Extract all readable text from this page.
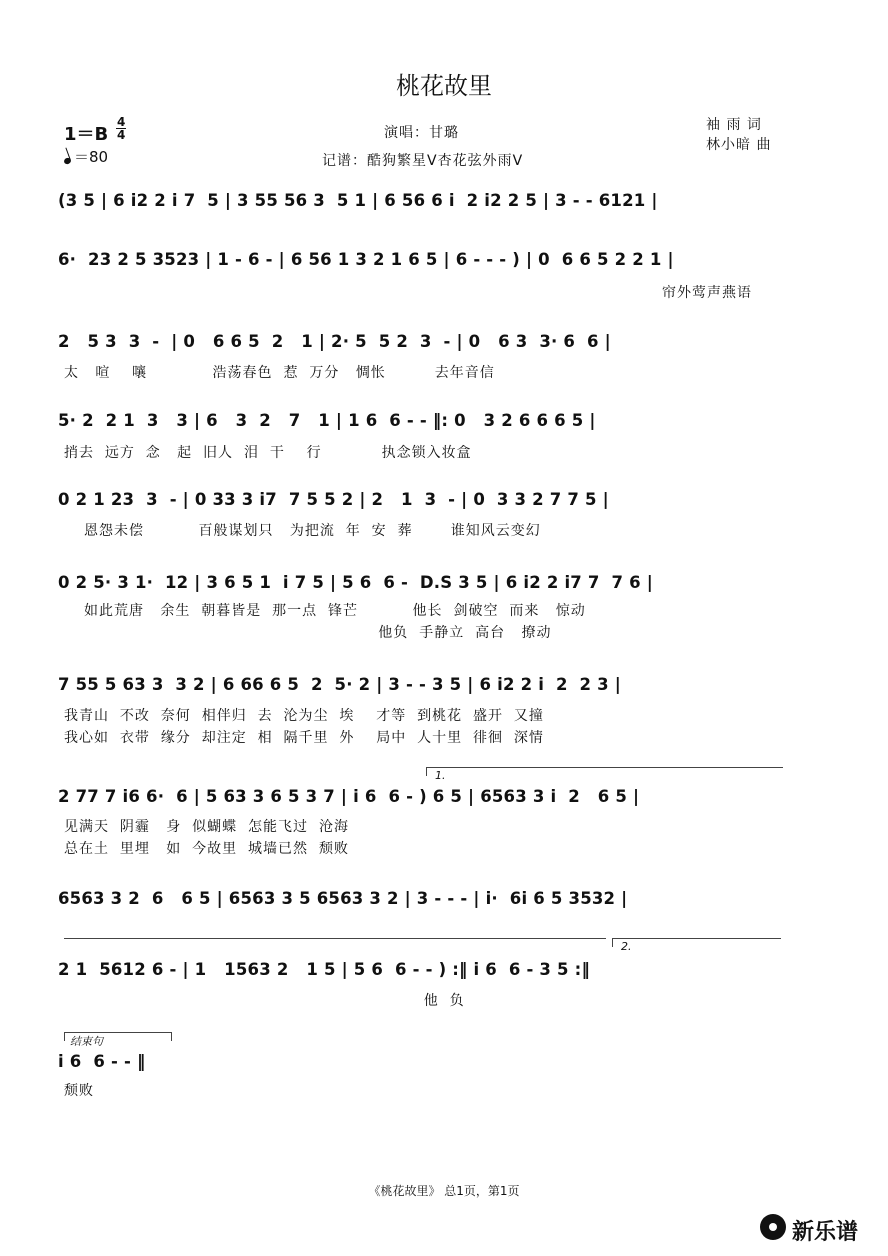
桃花故里
演唱：甘璐
记谱：酷狗繁星V杏花弦外雨V
袖 雨 词
林小暗 曲
1＝B
4
4
＝80
(3 5 | 6 i2 2 i 7  5 | 3 55 56 3  5 1 | 6 56 6 i  2 i2 2 5 | 3 - - 6121 |
6·  23 2 5 3523 | 1 - 6 - | 6 56 1 3 2 1 6 5 | 6 - - - ) | 0  6 6 5 2 2 1 |
帘外莺声燕语
2   5 3  3  -  | 0   6 6 5  2   1 | 2· 5  5 2  3  - | 0   6 3  3· 6  6 |
太   喧    嚷            浩荡春色  惹  万分   惆怅         去年音信
5· 2  2 1  3   3 | 6   3  2   7   1 | 1 6  6 - - ‖: 0   3 2 6 6 6 5 |
捎去  远方  念   起  旧人  泪  干    行           执念锁入妆盒
0 2 1 23  3  - | 0 33 3 i7  7 5 5 2 | 2   1  3  - | 0  3 3 2 7 7 5 |
恩怨未偿          百般谋划只   为把流  年  安  葬       谁知风云变幻
0 2 5· 3 1·  12 | 3 6 5 1  i 7 5 | 5 6  6 -  D.S 3 5 | 6 i2 2 i7 7  7 6 |
如此荒唐   余生  朝暮皆是  那一点  锋芒          他长  剑破空  而来   惊动
他负  手静立  高台   撩动
7 55 5 63 3  3 2 | 6 66 6 5  2  5· 2 | 3 - - 3 5 | 6 i2 2 i  2  2 3 |
我青山  不改  奈何  相伴归  去  沦为尘  埃    才等  到桃花  盛开  又撞
我心如  衣带  缘分  却注定  相  隔千里  外    局中  人十里  徘徊  深情
1.
2 77 7 i6 6·  6 | 5 63 3 6 5 3 7 | i 6  6 - ) 6 5 | 6563 3 i  2   6 5 |
见满天  阴霾   身  似蝴蝶  怎能飞过  沧海
总在土  里埋   如  今故里  城墙已然  颓败
6563 3 2  6   6 5 | 6563 3 5 6563 3 2 | 3 - - - | i·  6i 6 5 3532 |
2.
2 1  5612 6 - | 1   1563 2   1 5 | 5 6  6 - - ) :‖ i 6  6 - 3 5 :‖
他  负
结束句
i 6  6 - - ‖
颓败
《桃花故里》 总1页，第1页
新乐谱
